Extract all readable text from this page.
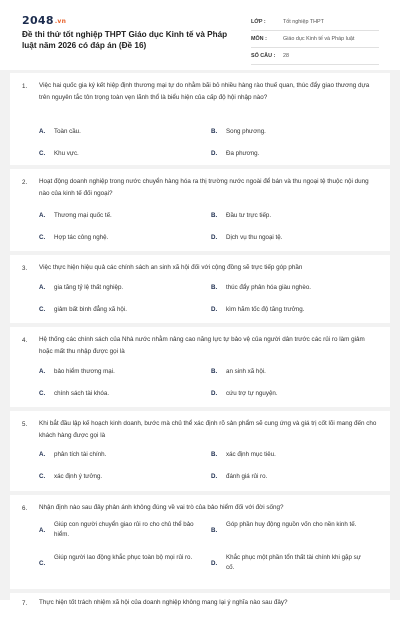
2048.vn
Đề thi thử tốt nghiệp THPT Giáo dục Kinh tế và Pháp luật năm 2026 có đáp án (Đề 16)
LỚP :	Tốt nghiệp THPT
MÔN :	Giáo dục Kinh tế và Pháp luật
SỐ CÂU :	28
1. Việc hai quốc gia ký kết hiệp định thương mại tự do nhằm bãi bỏ nhiều hàng rào thuế quan, thúc đẩy giao thương dựa trên nguyên tắc tôn trọng toàn vẹn lãnh thổ là biểu hiện của cấp độ hội nhập nào?
A. Toàn cầu.	B. Song phương.
C. Khu vực.	D. Đa phương.
2. Hoạt động doanh nghiệp trong nước chuyển hàng hóa ra thị trường nước ngoài để bán và thu ngoại tệ thuộc nội dung nào của kinh tế đối ngoại?
A. Thương mại quốc tế.	B. Đầu tư trực tiếp.
C. Hợp tác công nghệ.	D. Dịch vụ thu ngoại tệ.
3. Việc thực hiện hiệu quả các chính sách an sinh xã hội đối với cộng đồng sẽ trực tiếp góp phần
A. gia tăng tỷ lệ thất nghiệp.	B. thúc đẩy phân hóa giàu nghèo.
C. giảm bất bình đẳng xã hội.	D. kìm hãm tốc độ tăng trưởng.
4. Hệ thống các chính sách của Nhà nước nhằm nâng cao năng lực tự bảo vệ của người dân trước các rủi ro làm giảm hoặc mất thu nhập được gọi là
A. bảo hiểm thương mại.	B. an sinh xã hội.
C. chính sách tài khóa.	D. cứu trợ tự nguyện.
5. Khi bắt đầu lập kế hoạch kinh doanh, bước mà chủ thể xác định rõ sản phẩm sẽ cung ứng và giá trị cốt lõi mang đến cho khách hàng được gọi là
A. phân tích tài chính.	B. xác định mục tiêu.
C. xác định ý tưởng.	D. đánh giá rủi ro.
6. Nhận định nào sau đây phản ánh không đúng về vai trò của bảo hiểm đối với đời sống?
A.
Giúp con người chuyển giao rủi ro cho chủ thể bảo hiểm.
B.
Góp phần huy động nguồn vốn cho nền kinh tế.
C.
Giúp người lao động khắc phục toàn bộ mọi rủi ro.
D.
Khắc phục một phần tổn thất tài chính khi gặp sự cố.
7. Thực hiện tốt trách nhiệm xã hội của doanh nghiệp không mang lại ý nghĩa nào sau đây?
